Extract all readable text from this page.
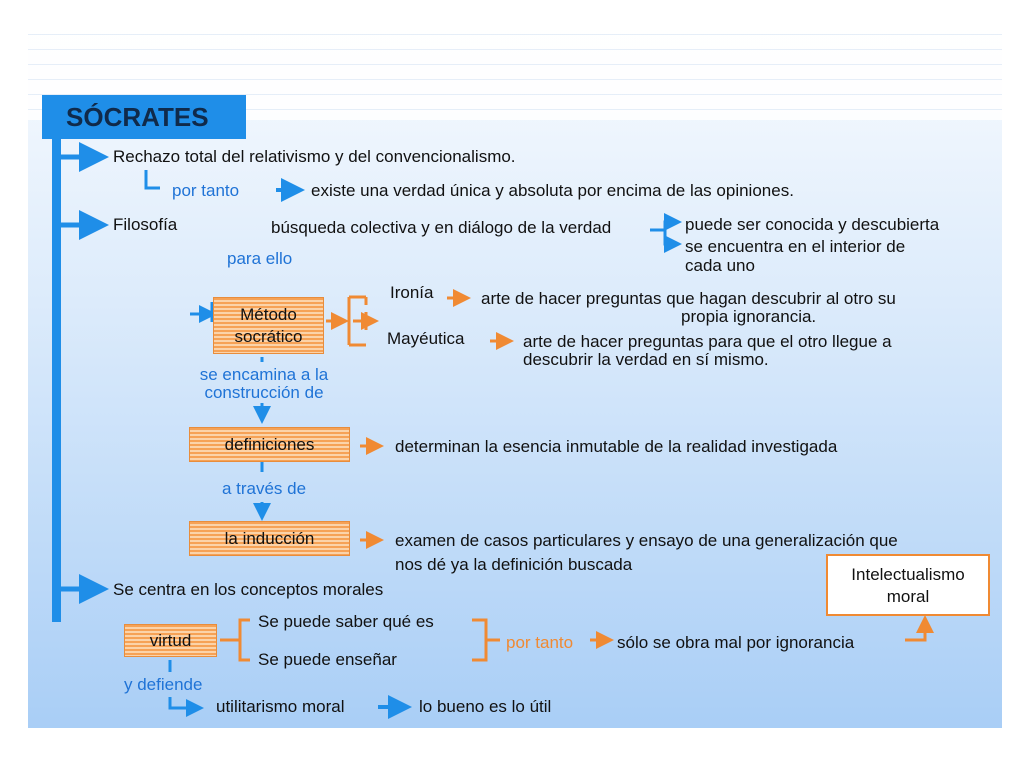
SÓCRATES
Rechazo total del relativismo y del convencionalismo.
por tanto	existe una verdad única y absoluta por encima de las opiniones.
Filosofía	búsqueda colectiva y en diálogo de la verdad	puede ser conocida y descubierta
se encuentra en el interior de
cada uno
para ello
Método socrático
Ironía	arte de hacer preguntas que hagan descubrir al otro su
propia ignorancia.
Mayéutica	arte de hacer preguntas para que el otro llegue a
descubrir la verdad en sí mismo.
se encamina a la
construcción de
definiciones	determinan la esencia inmutable de la realidad investigada
a través de
la inducción	examen de casos particulares y ensayo de una generalización que
nos dé ya la definición buscada
Intelectualismo moral
Se centra en los conceptos morales
Se puede saber qué es
virtud
Se puede enseñar
por tanto	sólo se obra mal por ignorancia
y defiende
utilitarismo moral	lo bueno es lo útil
